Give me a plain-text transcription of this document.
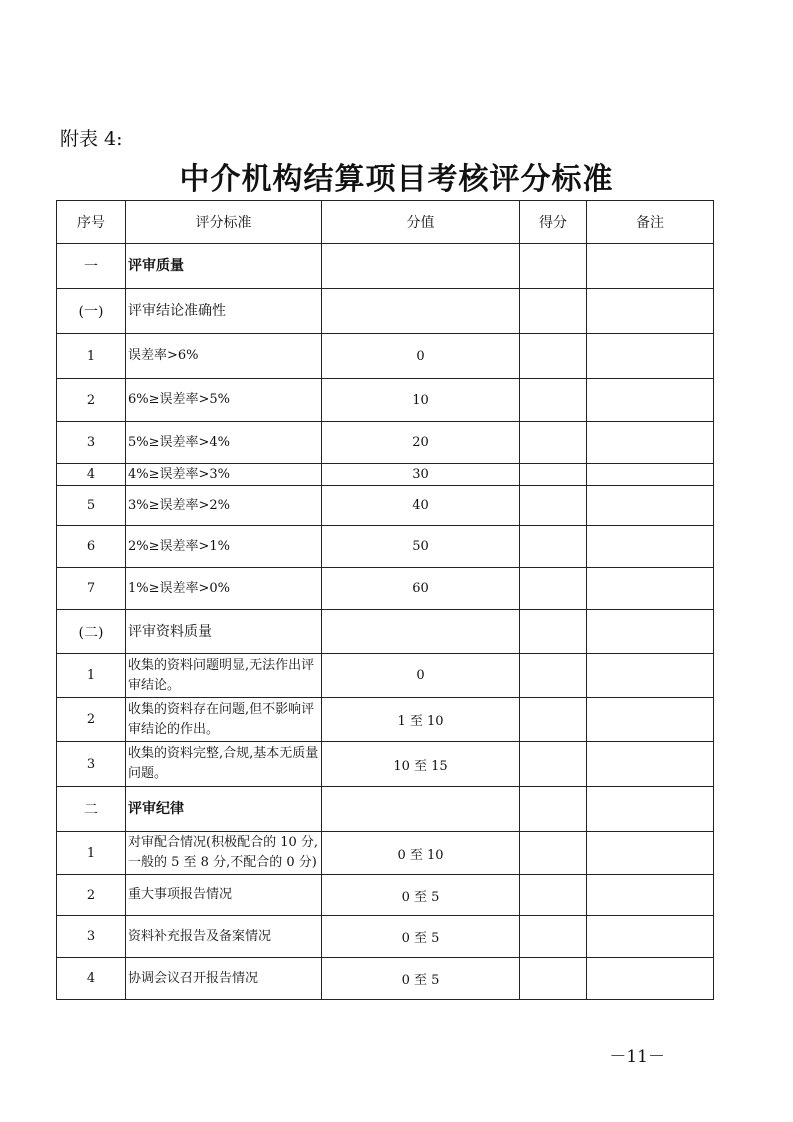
附表 4:
中介机构结算项目考核评分标准
序号	评分标准	分值	得分	备注
一	评审质量			
(一)	评审结论准确性			
1	误差率>6%	0		
2	6%≥误差率>5%	10		
3	5%≥误差率>4%	20		
4	4%≥误差率>3%	30		
5	3%≥误差率>2%	40		
6	2%≥误差率>1%	50		
7	1%≥误差率>0%	60		
(二)	评审资料质量			
1	收集的资料问题明显,无法作出评审结论。	0		
2	收集的资料存在问题,但不影响评审结论的作出。	1 至 10		
3	收集的资料完整,合规,基本无质量问题。	10 至 15		
二	评审纪律			
1	对审配合情况(积极配合的 10 分,一般的 5 至 8 分,不配合的 0 分)	0 至 10		
2	重大事项报告情况	0 至 5		
3	资料补充报告及备案情况	0 至 5		
4	协调会议召开报告情况	0 至 5		
－11－
